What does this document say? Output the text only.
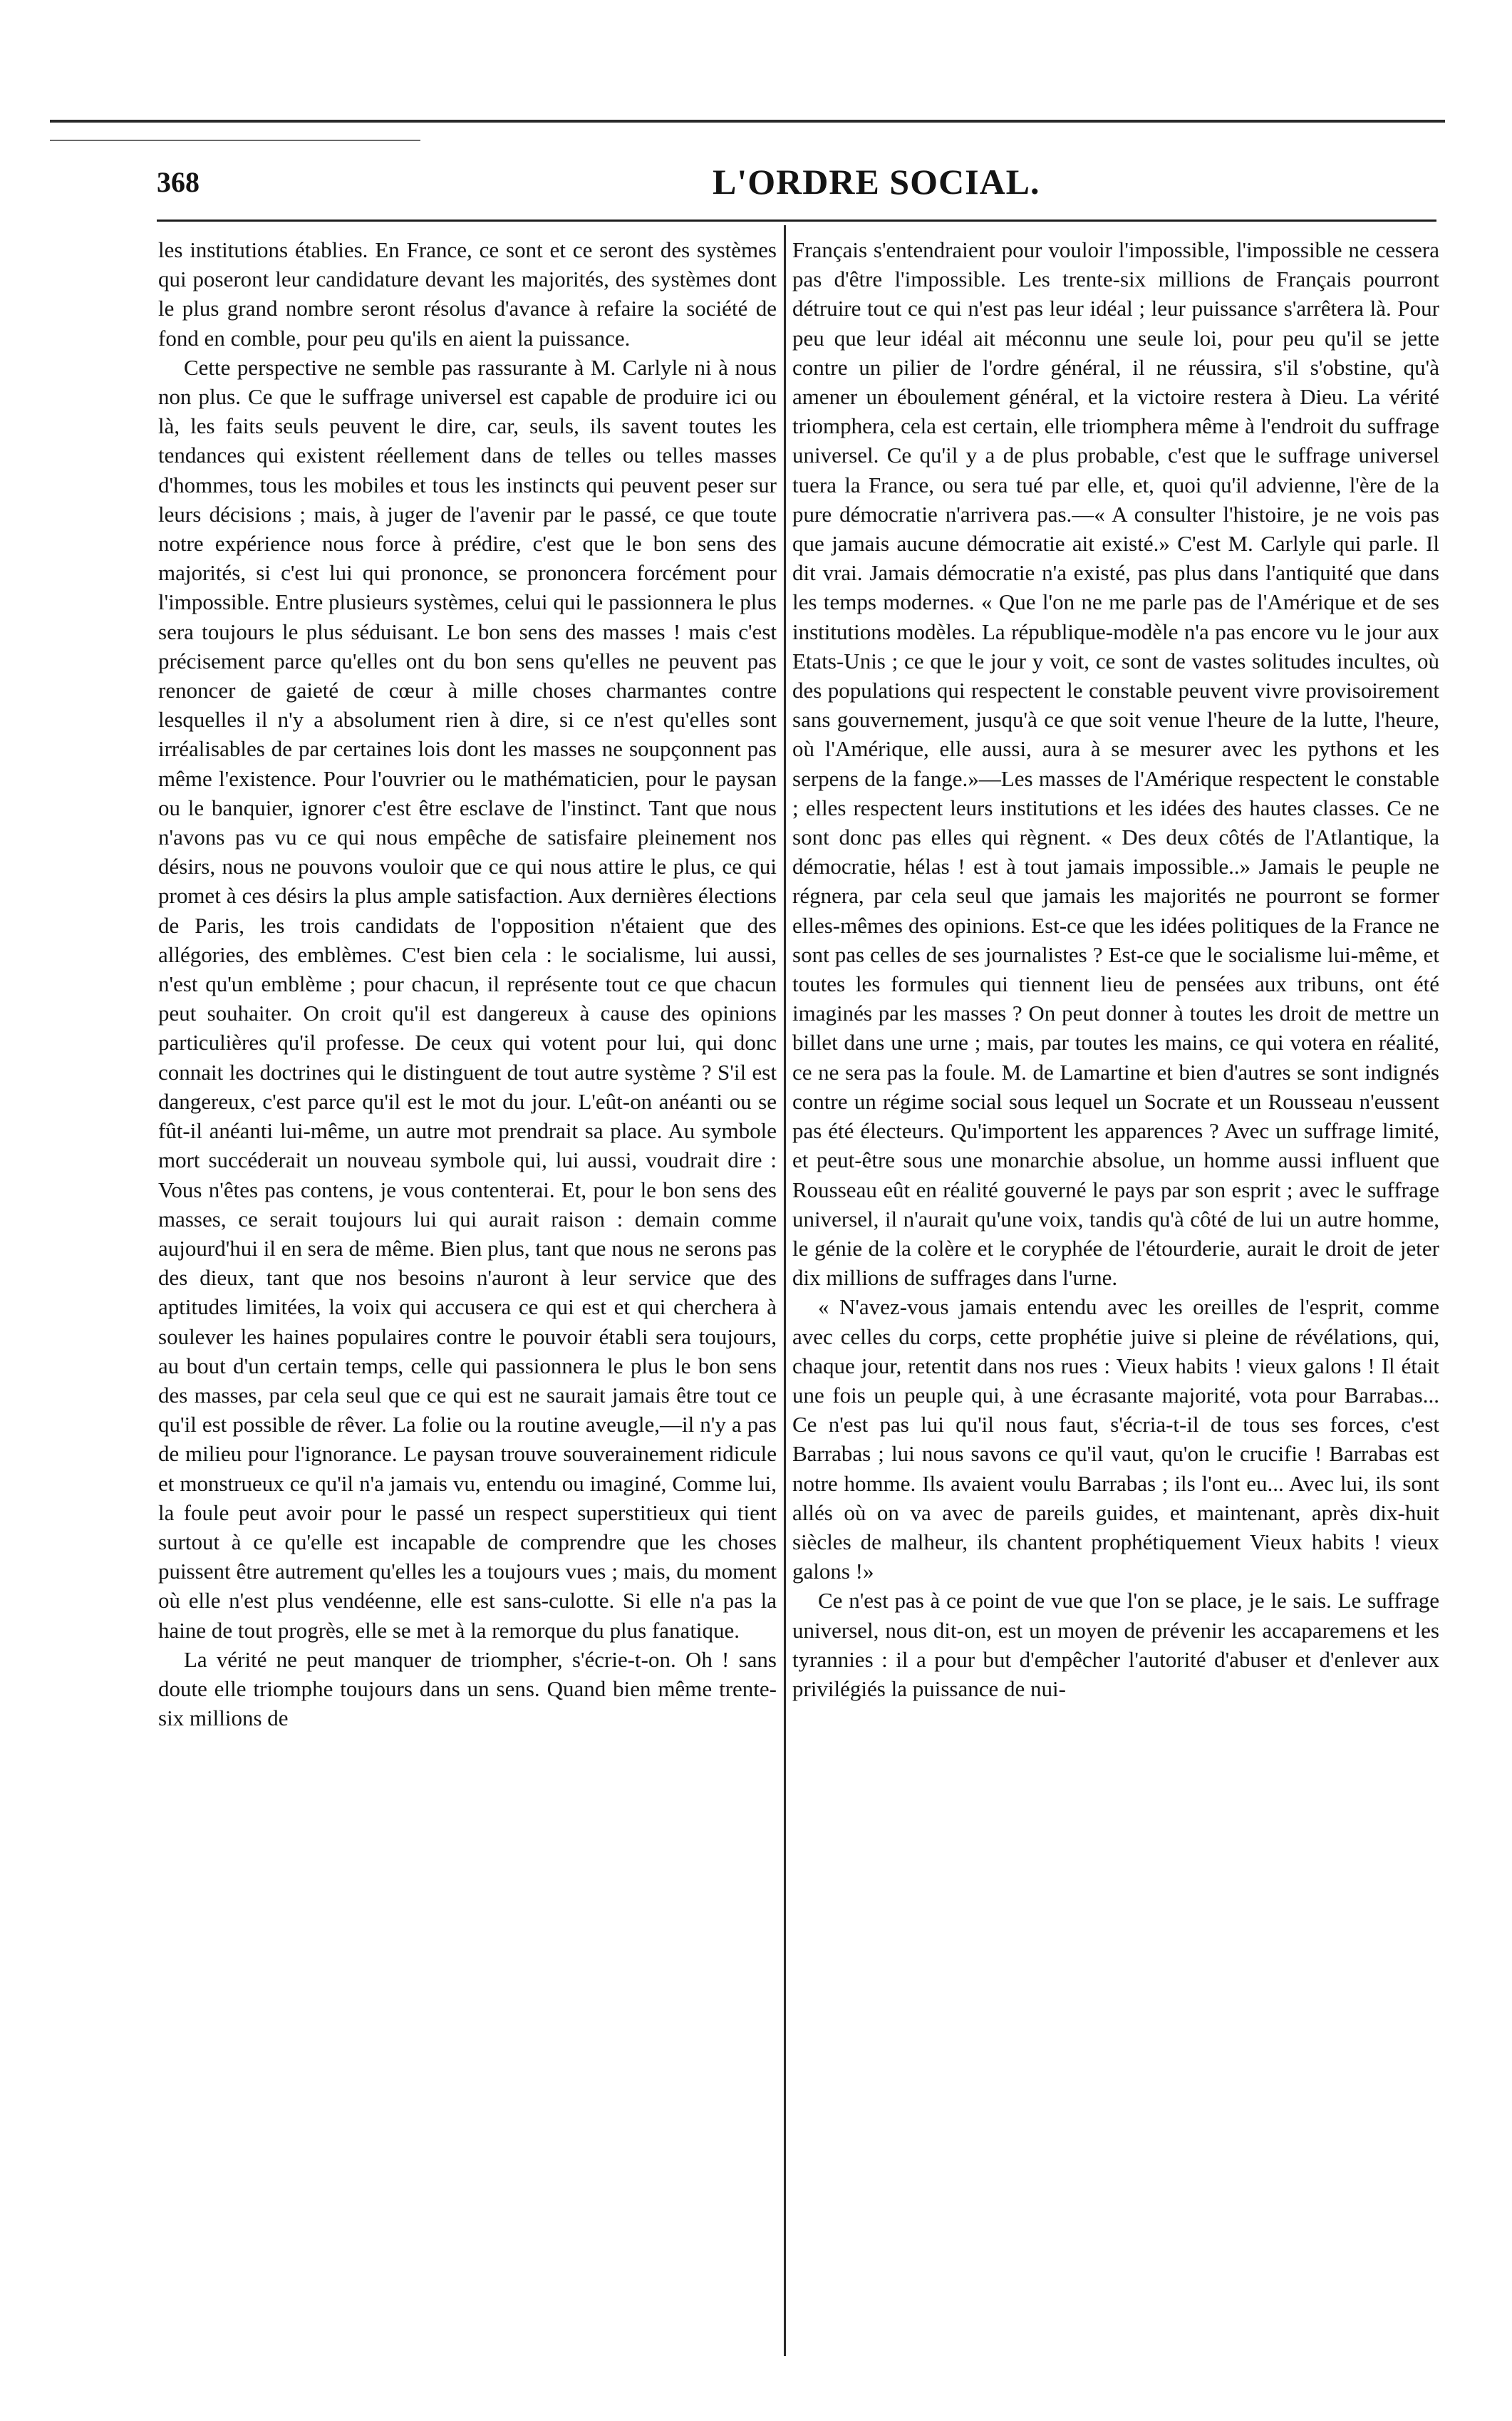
368	L'ORDRE SOCIAL.

les institutions établies. En France, ce sont et ce seront des systèmes qui poseront leur candidature devant les majorités, des systèmes dont le plus grand nombre seront résolus d'avance à refaire la société de fond en comble, pour peu qu'ils en aient la puissance.

Cette perspective ne semble pas rassurante à M. Carlyle ni à nous non plus. Ce que le suffrage universel est capable de produire ici ou là, les faits seuls peuvent le dire, car, seuls, ils savent toutes les tendances qui existent réellement dans de telles ou telles masses d'hommes, tous les mobiles et tous les instincts qui peuvent peser sur leurs décisions ; mais, à juger de l'avenir par le passé, ce que toute notre expérience nous force à prédire, c'est que le bon sens des majorités, si c'est lui qui prononce, se prononcera forcément pour l'impossible. Entre plusieurs systèmes, celui qui le passionnera le plus sera toujours le plus séduisant. Le bon sens des masses ! mais c'est précisement parce qu'elles ont du bon sens qu'elles ne peuvent pas renoncer de gaieté de cœur à mille choses charmantes contre lesquelles il n'y a absolument rien à dire, si ce n'est qu'elles sont irréalisables de par certaines lois dont les masses ne soupçonnent pas même l'existence. Pour l'ouvrier ou le mathématicien, pour le paysan ou le banquier, ignorer c'est être esclave de l'instinct. Tant que nous n'avons pas vu ce qui nous empêche de satisfaire pleinement nos désirs, nous ne pouvons vouloir que ce qui nous attire le plus, ce qui promet à ces désirs la plus ample satisfaction. Aux dernières élections de Paris, les trois candidats de l'opposition n'étaient que des allégories, des emblèmes. C'est bien cela : le socialisme, lui aussi, n'est qu'un emblème ; pour chacun, il représente tout ce que chacun peut souhaiter. On croit qu'il est dangereux à cause des opinions particulières qu'il professe. De ceux qui votent pour lui, qui donc connait les doctrines qui le distinguent de tout autre système ? S'il est dangereux, c'est parce qu'il est le mot du jour. L'eût-on anéanti ou se fût-il anéanti lui-même, un autre mot prendrait sa place. Au symbole mort succéderait un nouveau symbole qui, lui aussi, voudrait dire : Vous n'êtes pas contens, je vous contenterai. Et, pour le bon sens des masses, ce serait toujours lui qui aurait raison : demain comme aujourd'hui il en sera de même. Bien plus, tant que nous ne serons pas des dieux, tant que nos besoins n'auront à leur service que des aptitudes limitées, la voix qui accusera ce qui est et qui cherchera à soulever les haines populaires contre le pouvoir établi sera toujours, au bout d'un certain temps, celle qui passionnera le plus le bon sens des masses, par cela seul que ce qui est ne saurait jamais être tout ce qu'il est possible de rêver. La folie ou la routine aveugle,—il n'y a pas de milieu pour l'ignorance. Le paysan trouve souverainement ridicule et monstrueux ce qu'il n'a jamais vu, entendu ou imaginé, Comme lui, la foule peut avoir pour le passé un respect superstitieux qui tient surtout à ce qu'elle est incapable de comprendre que les choses puissent être autrement qu'elles les a toujours vues ; mais, du moment où elle n'est plus vendéenne, elle est sans-culotte. Si elle n'a pas la haine de tout progrès, elle se met à la remorque du plus fanatique.

La vérité ne peut manquer de triompher, s'écrie-t-on. Oh ! sans doute elle triomphe toujours dans un sens. Quand bien même trente-six millions de

Français s'entendraient pour vouloir l'impossible, l'impossible ne cessera pas d'être l'impossible. Les trente-six millions de Français pourront détruire tout ce qui n'est pas leur idéal ; leur puissance s'arrêtera là. Pour peu que leur idéal ait méconnu une seule loi, pour peu qu'il se jette contre un pilier de l'ordre général, il ne réussira, s'il s'obstine, qu'à amener un éboulement général, et la victoire restera à Dieu. La vérité triomphera, cela est certain, elle triomphera même à l'endroit du suffrage universel. Ce qu'il y a de plus probable, c'est que le suffrage universel tuera la France, ou sera tué par elle, et, quoi qu'il advienne, l'ère de la pure démocratie n'arrivera pas.—« A consulter l'histoire, je ne vois pas que jamais aucune démocratie ait existé.» C'est M. Carlyle qui parle. Il dit vrai. Jamais démocratie n'a existé, pas plus dans l'antiquité que dans les temps modernes. « Que l'on ne me parle pas de l'Amérique et de ses institutions modèles. La république-modèle n'a pas encore vu le jour aux Etats-Unis ; ce que le jour y voit, ce sont de vastes solitudes incultes, où des populations qui respectent le constable peuvent vivre provisoirement sans gouvernement, jusqu'à ce que soit venue l'heure de la lutte, l'heure, où l'Amérique, elle aussi, aura à se mesurer avec les pythons et les serpens de la fange.»—Les masses de l'Amérique respectent le constable ; elles respectent leurs institutions et les idées des hautes classes. Ce ne sont donc pas elles qui règnent. « Des deux côtés de l'Atlantique, la démocratie, hélas ! est à tout jamais impossible..» Jamais le peuple ne régnera, par cela seul que jamais les majorités ne pourront se former elles-mêmes des opinions. Est-ce que les idées politiques de la France ne sont pas celles de ses journalistes ? Est-ce que le socialisme lui-même, et toutes les formules qui tiennent lieu de pensées aux tribuns, ont été imaginés par les masses ? On peut donner à toutes les droit de mettre un billet dans une urne ; mais, par toutes les mains, ce qui votera en réalité, ce ne sera pas la foule. M. de Lamartine et bien d'autres se sont indignés contre un régime social sous lequel un Socrate et un Rousseau n'eussent pas été électeurs. Qu'importent les apparences ? Avec un suffrage limité, et peut-être sous une monarchie absolue, un homme aussi influent que Rousseau eût en réalité gouverné le pays par son esprit ; avec le suffrage universel, il n'aurait qu'une voix, tandis qu'à côté de lui un autre homme, le génie de la colère et le coryphée de l'étourderie, aurait le droit de jeter dix millions de suffrages dans l'urne.

« N'avez-vous jamais entendu avec les oreilles de l'esprit, comme avec celles du corps, cette prophétie juive si pleine de révélations, qui, chaque jour, retentit dans nos rues : Vieux habits ! vieux galons ! Il était une fois un peuple qui, à une écrasante majorité, vota pour Barrabas... Ce n'est pas lui qu'il nous faut, s'écria-t-il de tous ses forces, c'est Barrabas ; lui nous savons ce qu'il vaut, qu'on le crucifie ! Barrabas est notre homme. Ils avaient voulu Barrabas ; ils l'ont eu... Avec lui, ils sont allés où on va avec de pareils guides, et maintenant, après dix-huit siècles de malheur, ils chantent prophétiquement Vieux habits ! vieux galons !»

Ce n'est pas à ce point de vue que l'on se place, je le sais. Le suffrage universel, nous dit-on, est un moyen de prévenir les accaparemens et les tyrannies : il a pour but d'empêcher l'autorité d'abuser et d'enlever aux privilégiés la puissance de nui-
